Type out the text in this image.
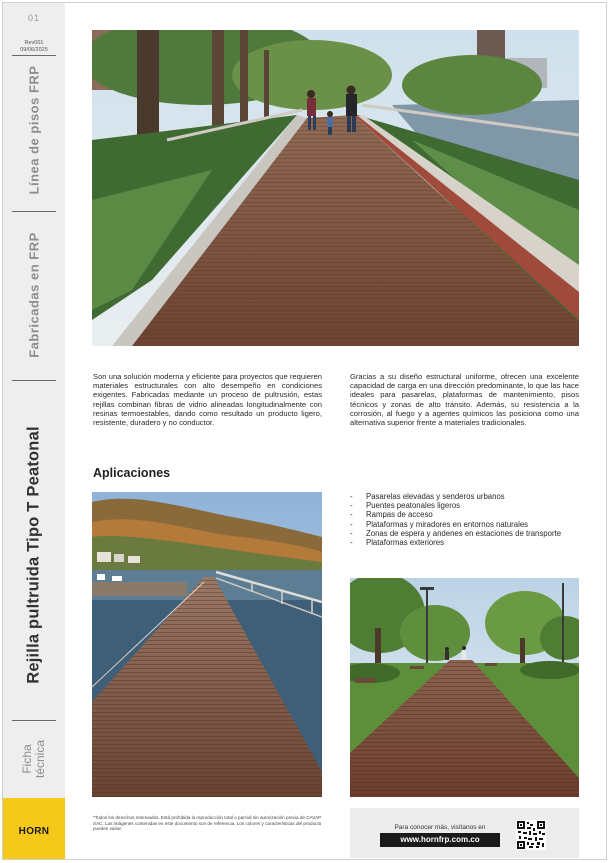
01
Rev001
09/06/2025
Línea de pisos FRP
Fabricadas en FRP
Rejilla pultruida Tipo T Peatonal
Ficha técnica
HORN

Son una solución moderna y eficiente para proyectos que requieren materiales estructurales con alto desempeño en condiciones exigentes. Fabricadas mediante un proceso de pultrusión, estas rejillas combinan fibras de vidrio alineadas longitudinalmente con resinas termoestables, dando como resultado un producto ligero, resistente, duradero y no conductor.

Gracias a su diseño estructural uniforme, ofrecen una excelente capacidad de carga en una dirección predominante, lo que las hace ideales para pasarelas, plataformas de mantenimiento, pisos técnicos y zonas de alto tránsito. Además, su resistencia a la corrosión, al fuego y a agentes químicos las posiciona como una alternativa superior frente a materiales tradicionales.

Aplicaciones
- Pasarelas elevadas y senderos urbanos
- Puentes peatonales ligeros
- Rampas de acceso
- Plataformas y miradores en entornos naturales
- Zonas de espera y andenes en estaciones de transporte
- Plataformas exteriores

*Todos los derechos reservados. Está prohibida la reproducción total o parcial sin autorización previa de CAVAP SAC. Las imágenes contenidas en este documento son de referencia. Los colores y características del producto pueden variar.	Para conocer más, visítanos en
www.hornfrp.com.co
